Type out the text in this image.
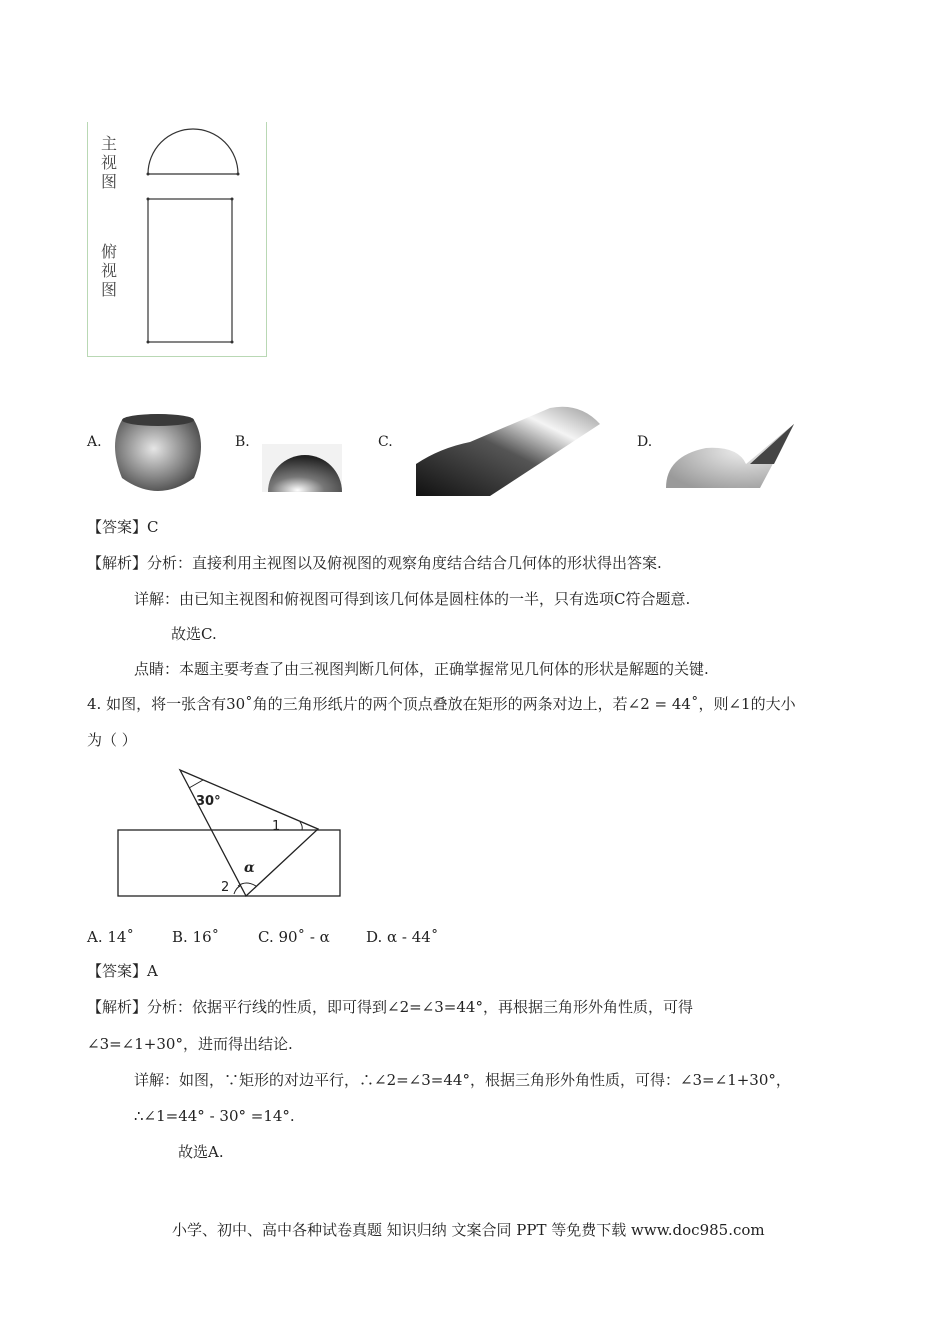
主
视
图
俯
视
图
A.	B.	C.	D.
【答案】C
【解析】分析：直接利用主视图以及俯视图的观察角度结合结合几何体的形状得出答案.
详解：由已知主视图和俯视图可得到该几何体是圆柱体的一半，只有选项C符合题意.
故选C.
点睛：本题主要考查了由三视图判断几何体，正确掌握常见几何体的形状是解题的关键.
4. 如图，将一张含有30˚角的三角形纸片的两个顶点叠放在矩形的两条对边上，若∠2 = 44˚，则∠1的大小
为（ ）
30°
1
α
2
A. 14˚	B. 16˚	C. 90˚ - α D. α - 44˚
【答案】A
【解析】分析：依据平行线的性质，即可得到∠2=∠3=44°，再根据三角形外角性质，可得
∠3=∠1+30°，进而得出结论.
详解：如图，∵矩形的对边平行，∴∠2=∠3=44°，根据三角形外角性质，可得：∠3=∠1+30°，
∴∠1=44° - 30° =14°.
故选A.
小学、初中、高中各种试卷真题 知识归纳 文案合同 PPT 等免费下载 www.doc985.com
